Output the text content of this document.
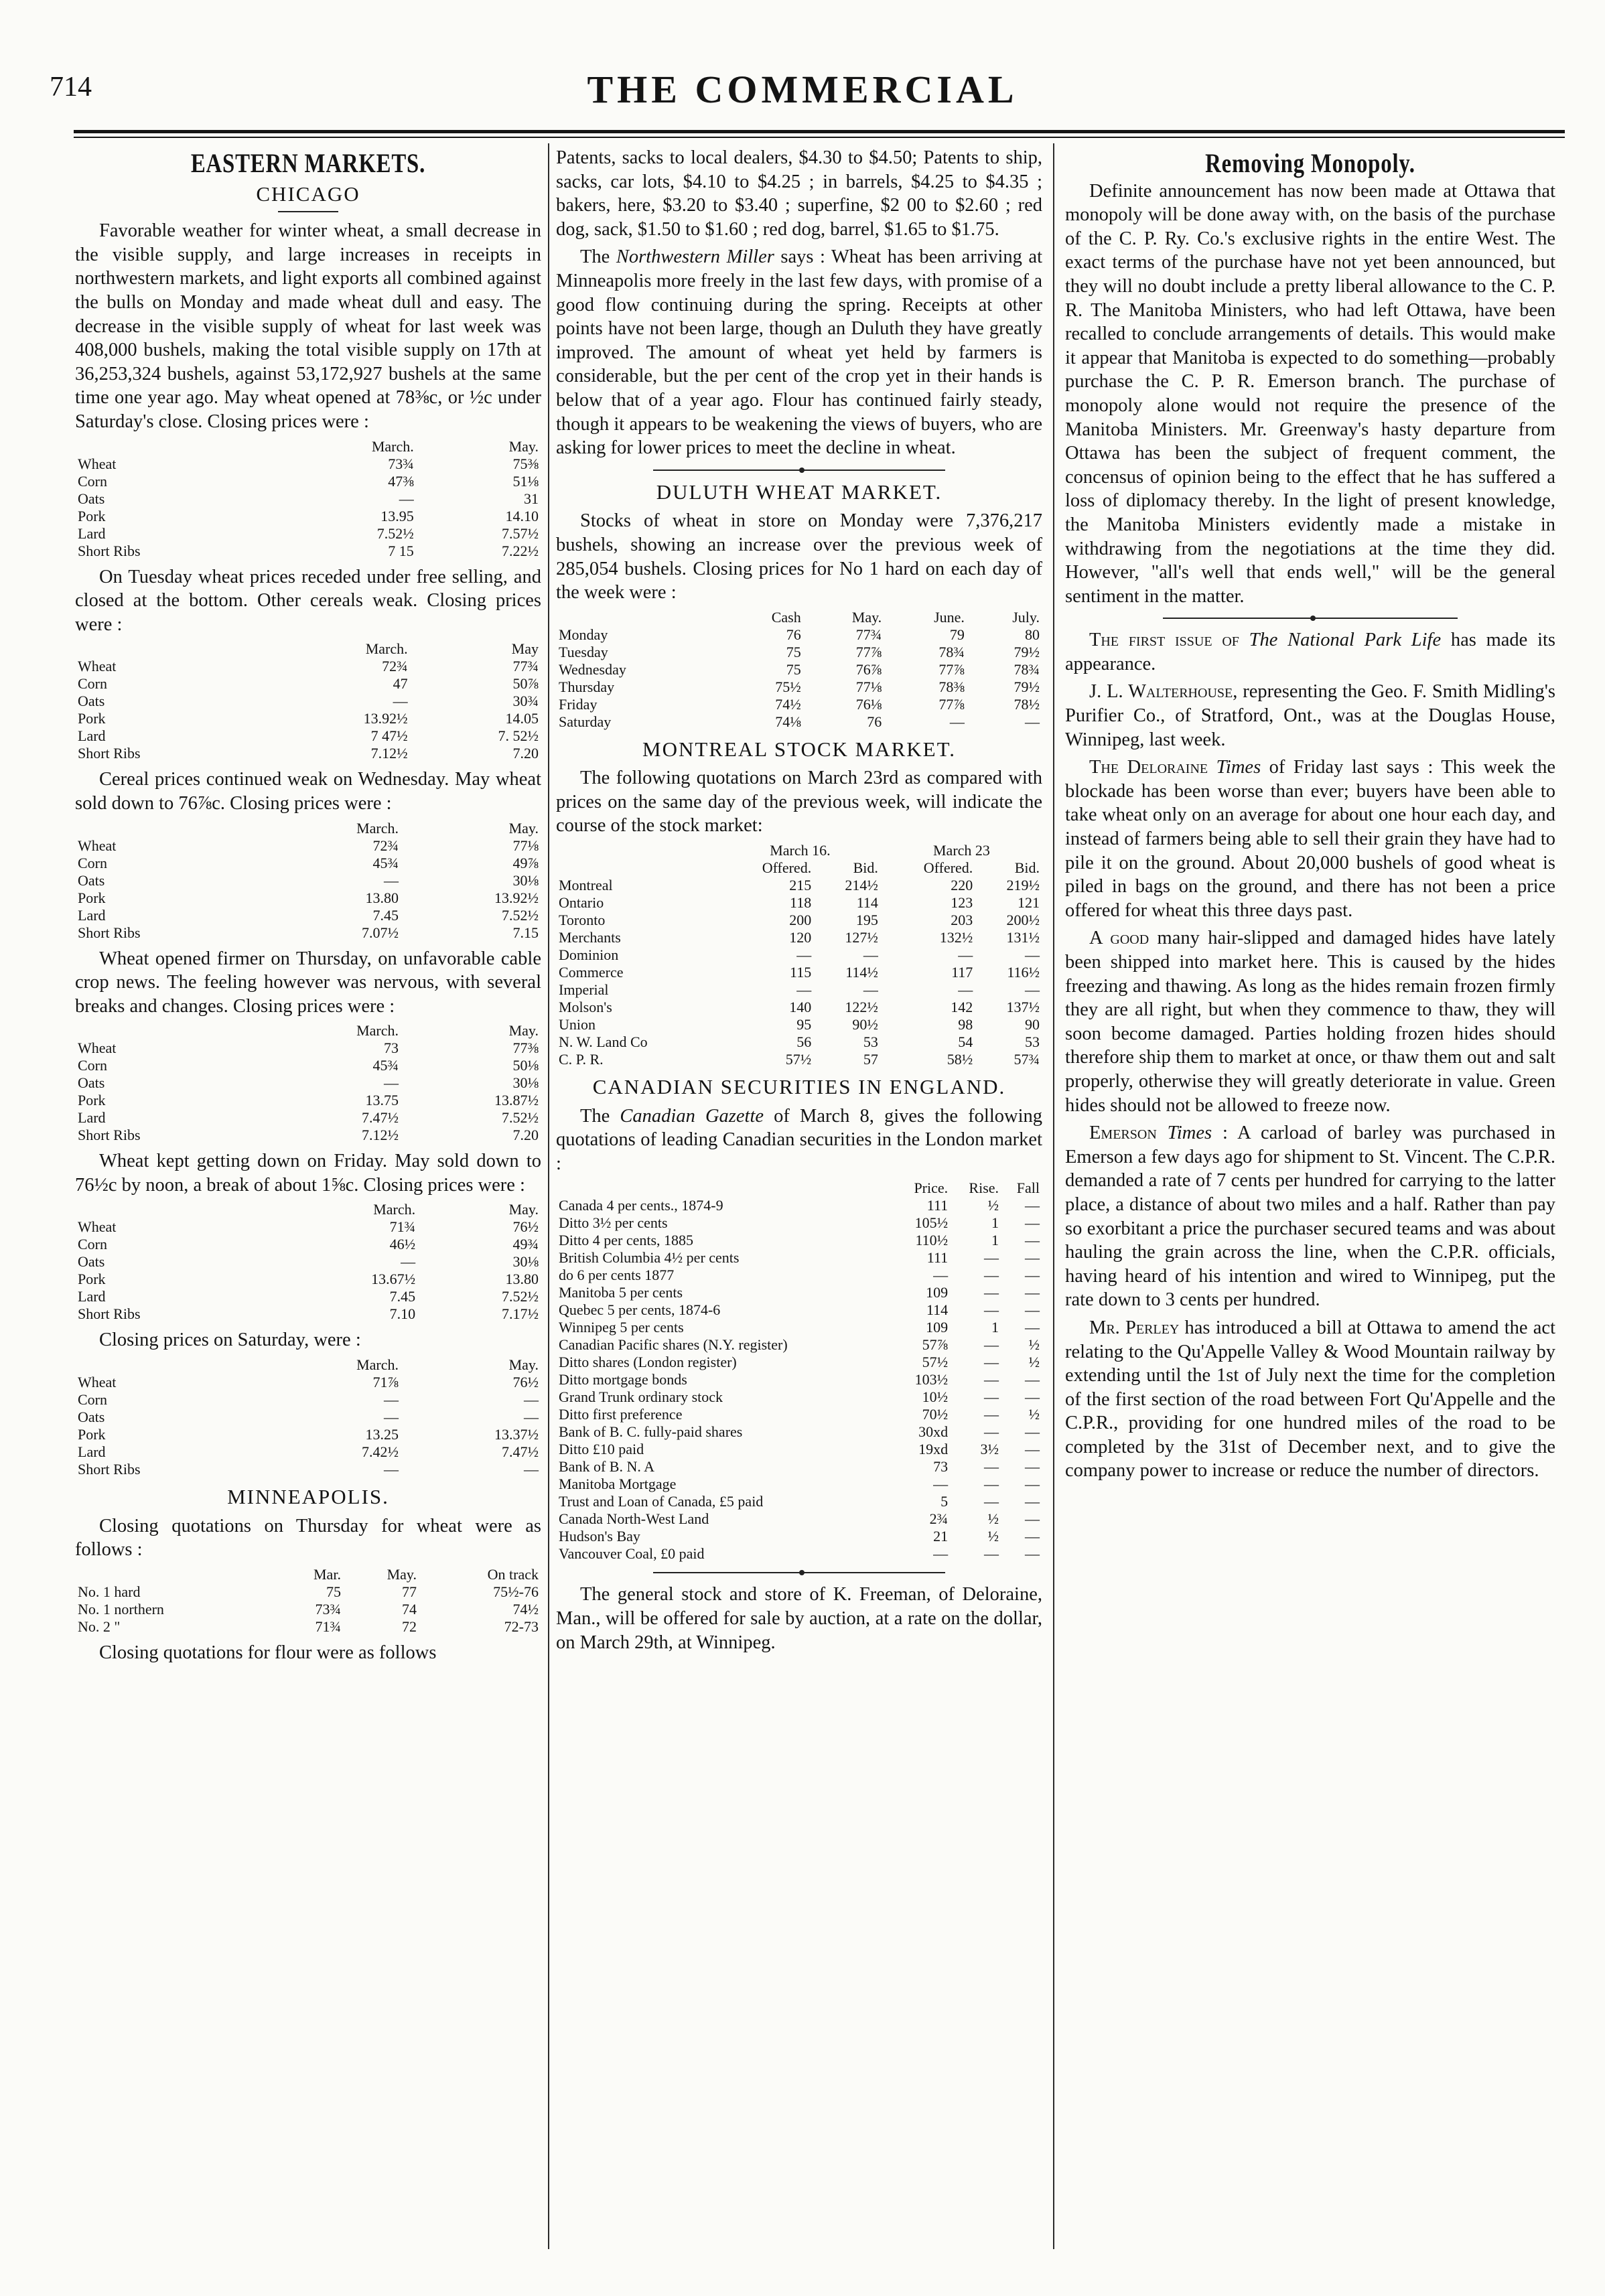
714	THE COMMERCIAL
EASTERN MARKETS.
CHICAGO

Favorable weather for winter wheat, a small decrease in the visible supply, and large increases in receipts in northwestern markets, and light exports all combined against the bulls on Monday and made wheat dull and easy. The decrease in the visible supply of wheat for last week was 408,000 bushels, making the total visible supply on 17th at 36,253,324 bushels, against 53,172,927 bushels at the same time one year ago. May wheat opened at 78⅜c, or ½c under Saturday's close. Closing prices were :

	March.	May.
Wheat	73¾	75⅜
Corn	47⅜	51⅛
Oats	—	31
Pork	13.95	14.10
Lard	7.52½	7.57½
Short Ribs	7 15	7.22½

On Tuesday wheat prices receded under free selling, and closed at the bottom. Other cereals weak. Closing prices were :

	March.	May
Wheat	72¾	77¾
Corn	47	50⅞
Oats	—	30¾
Pork	13.92½	14.05
Lard	7 47½	7. 52½
Short Ribs	7.12½	7.20

Cereal prices continued weak on Wednesday. May wheat sold down to 76⅞c. Closing prices were :

	March.	May.
Wheat	72¾	77⅛
Corn	45¾	49⅞
Oats	—	30⅛
Pork	13.80	13.92½
Lard	7.45	7.52½
Short Ribs	7.07½	7.15

Wheat opened firmer on Thursday, on unfavorable cable crop news. The feeling however was nervous, with several breaks and changes. Closing prices were :

	March.	May.
Wheat	73	77⅜
Corn	45¾	50⅛
Oats	—	30⅛
Pork	13.75	13.87½
Lard	7.47½	7.52½
Short Ribs	7.12½	7.20

Wheat kept getting down on Friday. May sold down to 76½c by noon, a break of about 1⅝c. Closing prices were :

	March.	May.
Wheat	71¾	76½
Corn	46½	49¾
Oats	—	30⅛
Pork	13.67½	13.80
Lard	7.45	7.52½
Short Ribs	7.10	7.17½

Closing prices on Saturday, were :

	March.	May.
Wheat	71⅞	76½
Corn	—	—
Oats	—	—
Pork	13.25	13.37½
Lard	7.42½	7.47½
Short Ribs	—	—
MINNEAPOLIS.

Closing quotations on Thursday for wheat were as follows :

	Mar.	May.	On track
No. 1 hard	75	77	75½-76
No. 1 northern	73¾	74	74½
No. 2 "	71¾	72	72-73

Closing quotations for flour were as follows

Patents, sacks to local dealers, $4.30 to $4.50; Patents to ship, sacks, car lots, $4.10 to $4.25 ; in barrels, $4.25 to $4.35 ; bakers, here, $3.20 to $3.40 ; superfine, $2 00 to $2.60 ; red dog, sack, $1.50 to $1.60 ; red dog, barrel, $1.65 to $1.75.

The Northwestern Miller says : Wheat has been arriving at Minneapolis more freely in the last few days, with promise of a good flow continuing during the spring. Receipts at other points have not been large, though an Duluth they have greatly improved. The amount of wheat yet held by farmers is considerable, but the per cent of the crop yet in their hands is below that of a year ago. Flour has continued fairly steady, though it appears to be weakening the views of buyers, who are asking for lower prices to meet the decline in wheat.

DULUTH WHEAT MARKET.

Stocks of wheat in store on Monday were 7,376,217 bushels, showing an increase over the previous week of 285,054 bushels. Closing prices for No 1 hard on each day of the week were :

	Cash	May.	June.	July.
Monday	76	77¾	79	80
Tuesday	75	77⅞	78¾	79½
Wednesday	75	76⅞	77⅞	78¾
Thursday	75½	77⅛	78⅜	79½
Friday	74½	76⅛	77⅞	78½
Saturday	74⅛	76	—	—
MONTREAL STOCK MARKET.

The following quotations on March 23rd as compared with prices on the same day of the previous week, will indicate the course of the stock market:

	March 16.		March 23	
	Offered.	Bid.	Offered.	Bid.
Montreal	215	214½	220	219½
Ontario	118	114	123	121
Toronto	200	195	203	200½
Merchants	120	127½	132½	131½
Dominion	—	—	—	—
Commerce	115	114½	117	116½
Imperial	—	—	—	—
Molson's	140	122½	142	137½
Union	95	90½	98	90
N. W. Land Co	56	53	54	53
C. P. R.	57½	57	58½	57¾
CANADIAN SECURITIES IN ENGLAND.

The Canadian Gazette of March 8, gives the following quotations of leading Canadian securities in the London market :

	Price.	Rise.	Fall
Canada 4 per cents., 1874-9	111	½	—
Ditto 3½ per cents	105½	1	—
Ditto 4 per cents, 1885	110½	1	—
British Columbia 4½ per cents	111	—	—
do 6 per cents 1877	—	—	—
Manitoba 5 per cents	109	—	—
Quebec 5 per cents, 1874-6	114	—	—
Winnipeg 5 per cents	109	1	—
Canadian Pacific shares (N.Y. register)	57⅞	—	½
Ditto shares (London register)	57½	—	½
Ditto mortgage bonds	103½	—	—
Grand Trunk ordinary stock	10½	—	—
Ditto first preference	70½	—	½
Bank of B. C. fully-paid shares	30xd	—	—
Ditto £10 paid	19xd	3½	—
Bank of B. N. A	73	—	—
Manitoba Mortgage	—	—	—
Trust and Loan of Canada, £5 paid	5	—	—
Canada North-West Land	2¾	½	—
Hudson's Bay	21	½	—
Vancouver Coal, £0 paid	—	—	—

The general stock and store of K. Freeman, of Deloraine, Man., will be offered for sale by auction, at a rate on the dollar, on March 29th, at Winnipeg.

Removing Monopoly.

Definite announcement has now been made at Ottawa that monopoly will be done away with, on the basis of the purchase of the C. P. Ry. Co.'s exclusive rights in the entire West. The exact terms of the purchase have not yet been announced, but they will no doubt include a pretty liberal allowance to the C. P. R. The Manitoba Ministers, who had left Ottawa, have been recalled to conclude arrangements of details. This would make it appear that Manitoba is expected to do something—probably purchase the C. P. R. Emerson branch. The purchase of monopoly alone would not require the presence of the Manitoba Ministers. Mr. Greenway's hasty departure from Ottawa has been the subject of frequent comment, the concensus of opinion being to the effect that he has suffered a loss of diplomacy thereby. In the light of present knowledge, the Manitoba Ministers evidently made a mistake in withdrawing from the negotiations at the time they did. However, "all's well that ends well," will be the general sentiment in the matter.

The first issue of The National Park Life has made its appearance.

J. L. Walterhouse, representing the Geo. F. Smith Midling's Purifier Co., of Stratford, Ont., was at the Douglas House, Winnipeg, last week.

The Deloraine Times of Friday last says : This week the blockade has been worse than ever; buyers have been able to take wheat only on an average for about one hour each day, and instead of farmers being able to sell their grain they have had to pile it on the ground. About 20,000 bushels of good wheat is piled in bags on the ground, and there has not been a price offered for wheat this three days past.

A good many hair-slipped and damaged hides have lately been shipped into market here. This is caused by the hides freezing and thawing. As long as the hides remain frozen firmly they are all right, but when they commence to thaw, they will soon become damaged. Parties holding frozen hides should therefore ship them to market at once, or thaw them out and salt properly, otherwise they will greatly deteriorate in value. Green hides should not be allowed to freeze now.

Emerson Times : A carload of barley was purchased in Emerson a few days ago for shipment to St. Vincent. The C.P.R. demanded a rate of 7 cents per hundred for carrying to the latter place, a distance of about two miles and a half. Rather than pay so exorbitant a price the purchaser secured teams and was about hauling the grain across the line, when the C.P.R. officials, having heard of his intention and wired to Winnipeg, put the rate down to 3 cents per hundred.

Mr. Perley has introduced a bill at Ottawa to amend the act relating to the Qu'Appelle Valley & Wood Mountain railway by extending until the 1st of July next the time for the completion of the first section of the road between Fort Qu'Appelle and the C.P.R., providing for one hundred miles of the road to be completed by the 31st of December next, and to give the company power to increase or reduce the number of directors.
